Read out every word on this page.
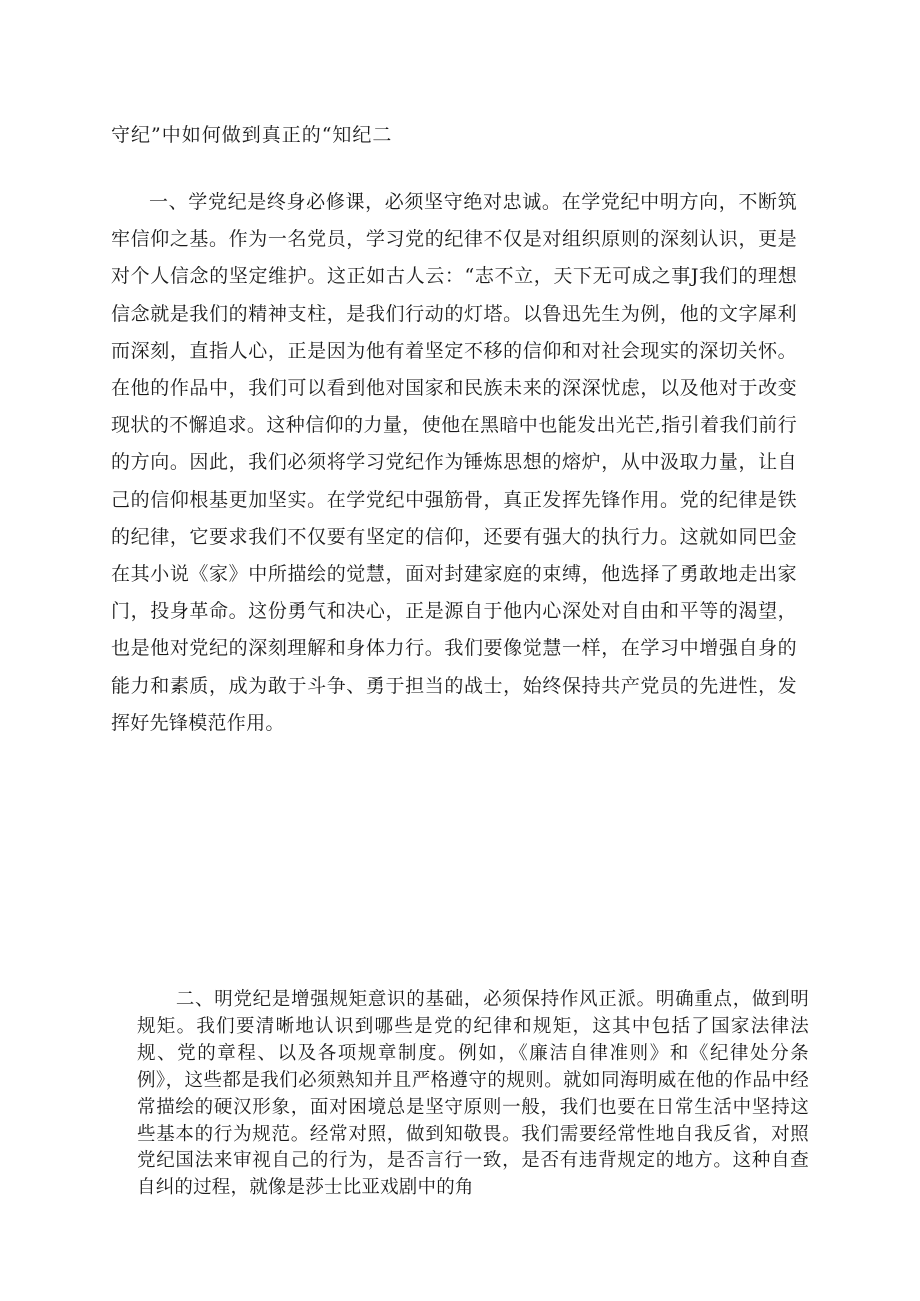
守纪”中如何做到真正的“知纪二

一、学党纪是终身必修课，必须坚守绝对忠诚。在学党纪中明方向，不断筑牢信仰之基。作为一名党员，学习党的纪律不仅是对组织原则的深刻认识，更是对个人信念的坚定维护。这正如古人云：“志不立，天下无可成之事J我们的理想信念就是我们的精神支柱，是我们行动的灯塔。以鲁迅先生为例，他的文字犀利而深刻，直指人心，正是因为他有着坚定不移的信仰和对社会现实的深切关怀。在他的作品中，我们可以看到他对国家和民族未来的深深忧虑，以及他对于改变现状的不懈追求。这种信仰的力量，使他在黑暗中也能发出光芒,指引着我们前行的方向。因此，我们必须将学习党纪作为锤炼思想的熔炉，从中汲取力量，让自己的信仰根基更加坚实。在学党纪中强筋骨，真正发挥先锋作用。党的纪律是铁的纪律，它要求我们不仅要有坚定的信仰，还要有强大的执行力。这就如同巴金在其小说《家》中所描绘的觉慧，面对封建家庭的束缚，他选择了勇敢地走出家门，投身革命。这份勇气和决心，正是源自于他内心深处对自由和平等的渴望，也是他对党纪的深刻理解和身体力行。我们要像觉慧一样，在学习中增强自身的能力和素质，成为敢于斗争、勇于担当的战士，始终保持共产党员的先进性，发挥好先锋模范作用。

二、明党纪是增强规矩意识的基础，必须保持作风正派。明确重点，做到明规矩。我们要清晰地认识到哪些是党的纪律和规矩，这其中包括了国家法律法规、党的章程、以及各项规章制度。例如，《廉洁自律准则》和《纪律处分条例》，这些都是我们必须熟知并且严格遵守的规则。就如同海明威在他的作品中经常描绘的硬汉形象，面对困境总是坚守原则一般，我们也要在日常生活中坚持这些基本的行为规范。经常对照，做到知敬畏。我们需要经常性地自我反省，对照党纪国法来审视自己的行为，是否言行一致，是否有违背规定的地方。这种自查自纠的过程，就像是莎士比亚戏剧中的角
